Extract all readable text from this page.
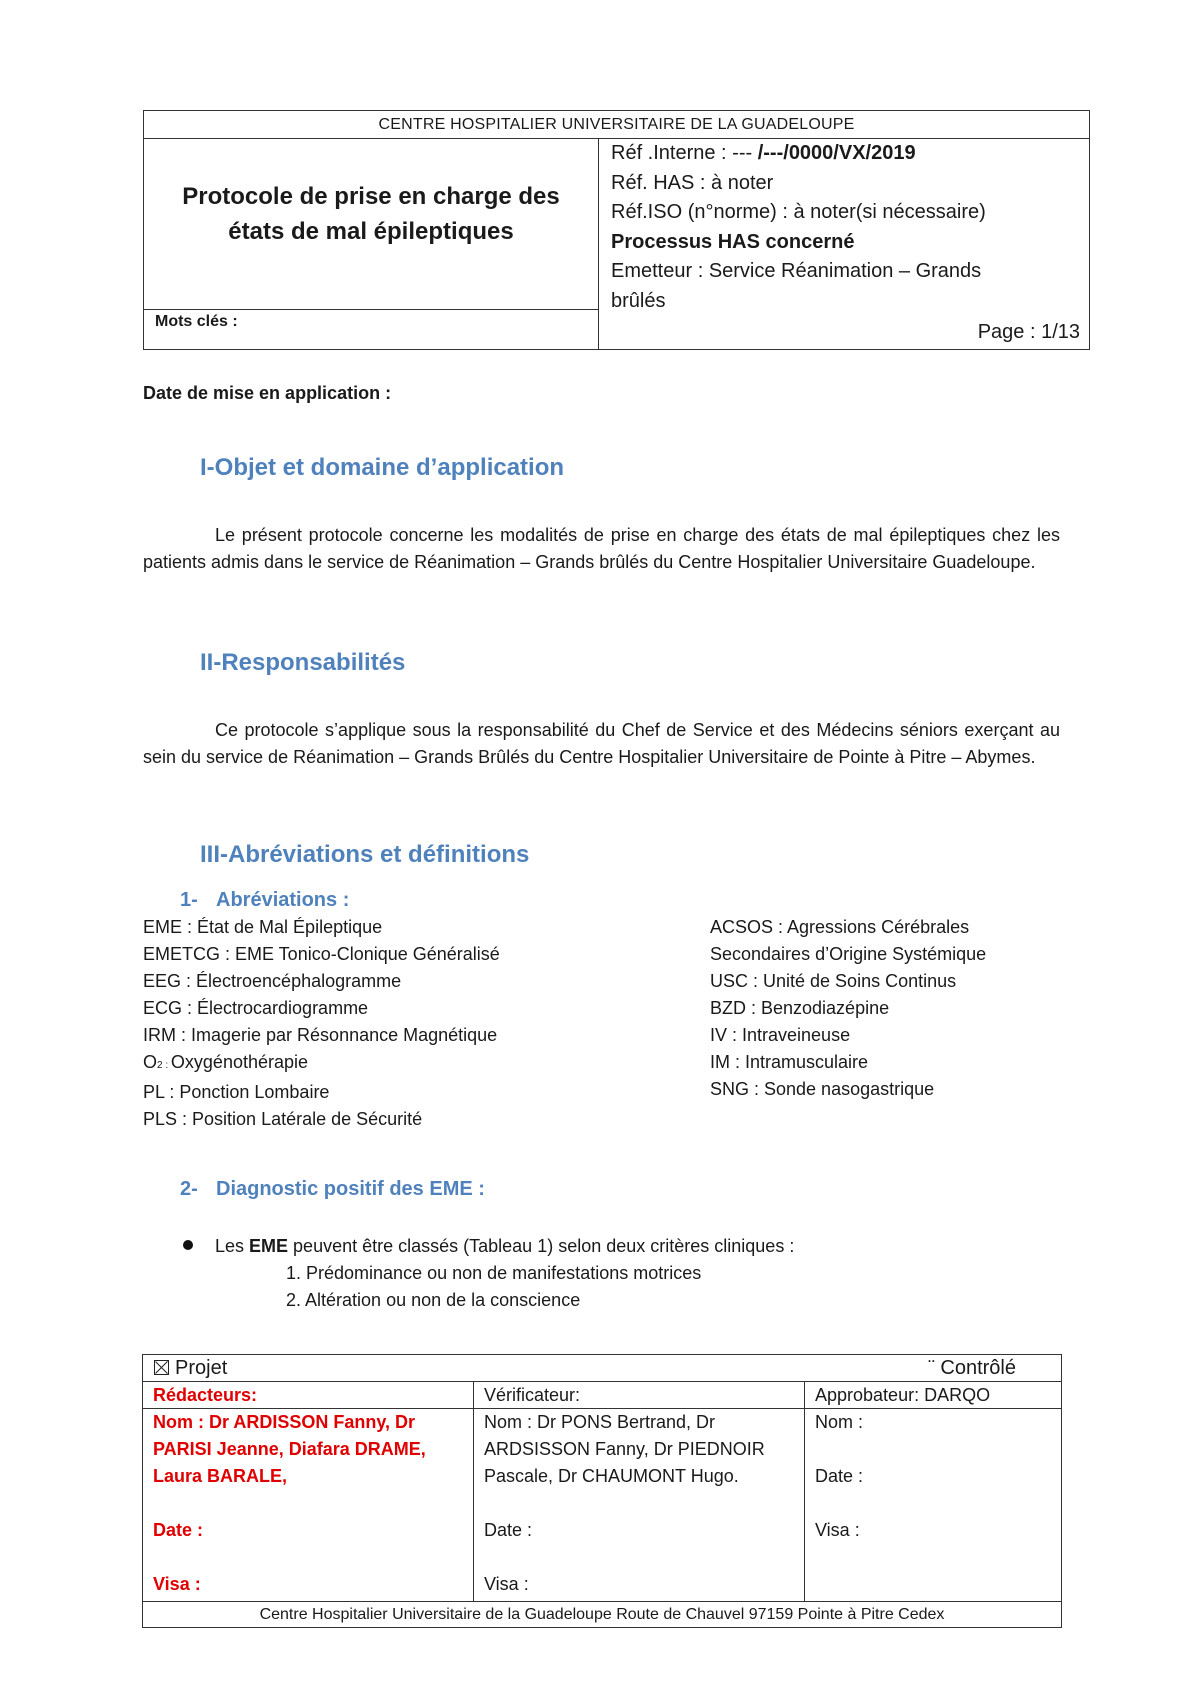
CENTRE HOSPITALIER UNIVERSITAIRE DE LA GUADELOUPE
Protocole de prise en charge des
états de mal épileptiques
Mots clés :
Réf .Interne : --- /---/0000/VX/2019
Réf. HAS : à noter
Réf.ISO (n°norme) : à noter(si nécessaire)
Processus HAS concerné
Emetteur : Service Réanimation – Grands
brûlés
Page : 1/13
Date de mise en application :
I-Objet et domaine d’application
Le présent protocole concerne les modalités de prise en charge des états de mal épileptiques chez les patients admis dans le service de Réanimation – Grands brûlés du Centre Hospitalier Universitaire Guadeloupe.
II-Responsabilités
Ce protocole s’applique sous la responsabilité du Chef de Service et des Médecins séniors exerçant au sein du service de Réanimation – Grands Brûlés du Centre Hospitalier Universitaire de Pointe à Pitre – Abymes.
III-Abréviations et définitions
1- Abréviations :
EME : État de Mal Épileptique
EMETCG : EME Tonico-Clonique Généralisé
EEG : Électroencéphalogramme
ECG : Électrocardiogramme
IRM : Imagerie par Résonnance Magnétique
O2 : Oxygénothérapie
PL : Ponction Lombaire
PLS : Position Latérale de Sécurité
ACSOS : Agressions Cérébrales
Secondaires d’Origine Systémique
USC : Unité de Soins Continus
BZD : Benzodiazépine
IV : Intraveineuse
IM : Intramusculaire
SNG : Sonde nasogastrique
2- Diagnostic positif des EME :
Les EME peuvent être classés (Tableau 1) selon deux critères cliniques :
1. Prédominance ou non de manifestations motrices
2. Altération ou non de la conscience
Projet	¨ Contrôlé
Rédacteurs:
Nom : Dr ARDISSON Fanny, Dr
PARISI Jeanne, Diafara DRAME,
Laura BARALE,
Date :
Visa :
Vérificateur:
Nom : Dr PONS Bertrand, Dr
ARDSISSON Fanny, Dr PIEDNOIR
Pascale, Dr CHAUMONT Hugo.
Date :
Visa :
Approbateur: DARQO
Nom :
Date :
Visa :
Centre Hospitalier Universitaire de la Guadeloupe Route de Chauvel 97159 Pointe à Pitre Cedex
